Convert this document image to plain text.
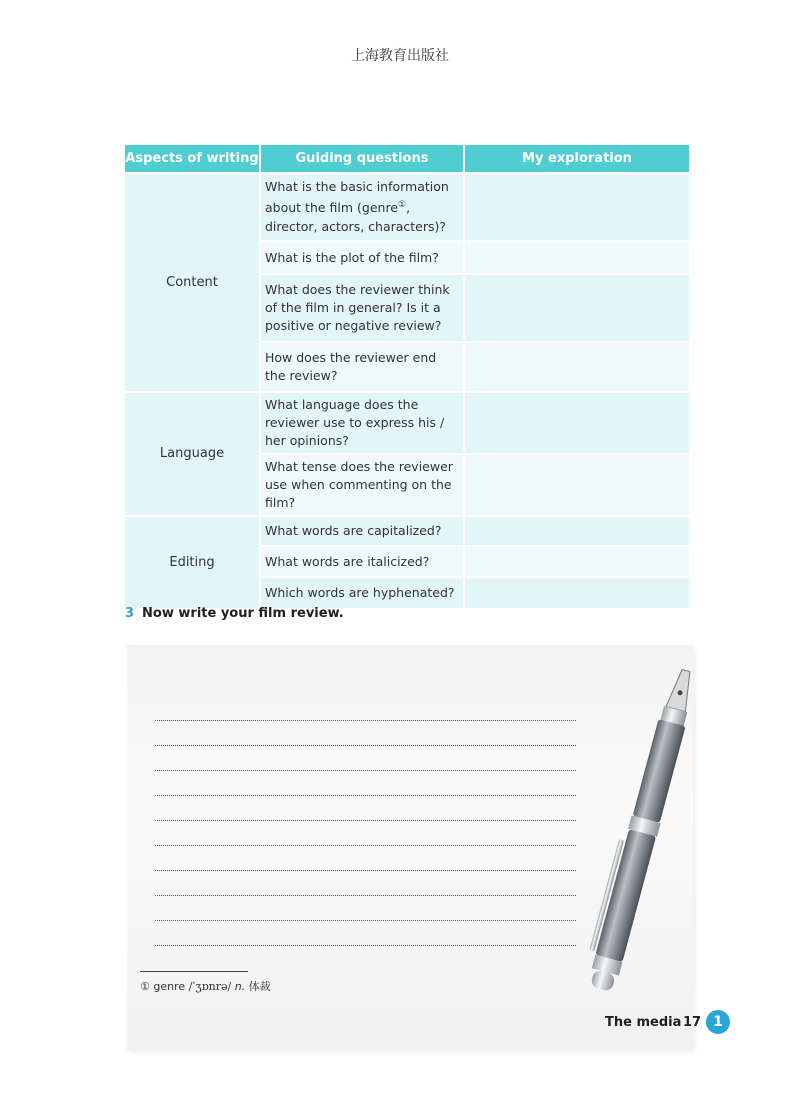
上海教育出版社
Aspects of writing	Guiding questions	My exploration
Content	What is the basic information about the film (genre①, director, actors, characters)?	
	What is the plot of the film?	
	What does the reviewer think of the film in general? Is it a positive or negative review?	
	How does the reviewer end the review?	
Language	What language does the reviewer use to express his / her opinions?	
	What tense does the reviewer use when commenting on the film?	
Editing	What words are capitalized?	
	What words are italicized?	
	Which words are hyphenated?	
3 Now write your film review.
① genre /ˈʒɒnrə/ n. 体裁
The media 17 1
